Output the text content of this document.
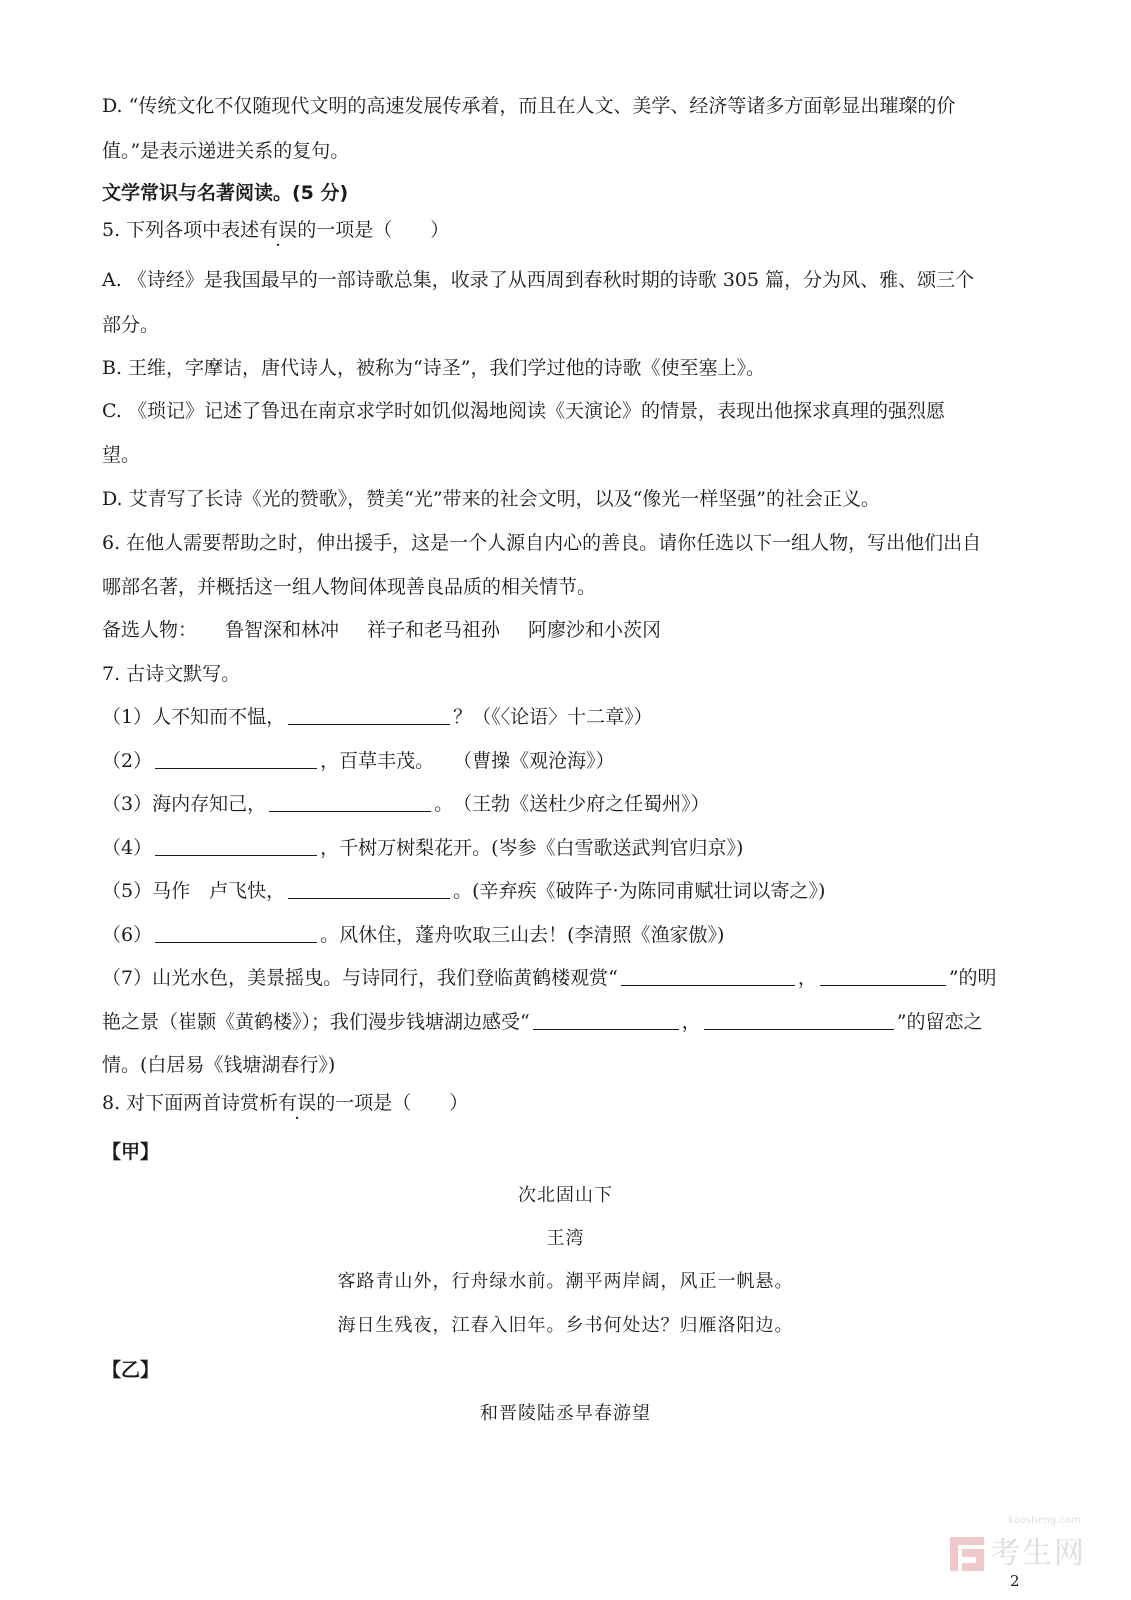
D. “传统文化不仅随现代文明的高速发展传承着，而且在人文、美学、经济等诸多方面彰显出璀璨的价
值。”是表示递进关系的复句。
文学常识与名著阅读。(5 分)
5. 下列各项中表述有误的一项是（　　）
A. 《诗经》是我国最早的一部诗歌总集，收录了从西周到春秋时期的诗歌 305 篇，分为风、雅、颂三个
部分。
B. 王维，字摩诘，唐代诗人，被称为“诗圣”，我们学过他的诗歌《使至塞上》。
C. 《琐记》记述了鲁迅在南京求学时如饥似渴地阅读《天演论》的情景，表现出他探求真理的强烈愿
望。
D. 艾青写了长诗《光的赞歌》，赞美“光”带来的社会文明，以及“像光一样坚强”的社会正义。
6. 在他人需要帮助之时，伸出援手，这是一个人源自内心的善良。请你任选以下一组人物，写出他们出自
哪部名著，并概括这一组人物间体现善良品质的相关情节。
备选人物： 鲁智深和林冲 祥子和老马祖孙 阿廖沙和小茨冈
7. 古诗文默写。
（1）人不知而不愠，	？（《〈论语〉十二章》）
（2）	，百草丰茂。　　（曹操《观沧海》）
（3）海内存知己，	。　（王勃《送杜少府之任蜀州》）
（4）	，千树万树梨花开。(岑参《白雪歌送武判官归京》)
（5）马作　卢飞快，	。(辛弃疾《破阵子·为陈同甫赋壮词以寄之》)
（6）	。风休住，蓬舟吹取三山去！(李清照《渔家傲》)
（7）山光水色，美景摇曳。与诗同行，我们登临黄鹤楼观赏“	，	”的明
艳之景（崔颢《黄鹤楼》）；我们漫步钱塘湖边感受“	，	”的留恋之
情。(白居易《钱塘湖春行》)
8. 对下面两首诗赏析有误的一项是（　　）
【甲】
次北固山下
王湾
客路青山外，行舟绿水前。潮平两岸阔，风正一帆悬。
海日生残夜，江春入旧年。乡书何处达？归雁洛阳边。
【乙】
和晋陵陆丞早春游望
kaosheng.com
考生网
2
